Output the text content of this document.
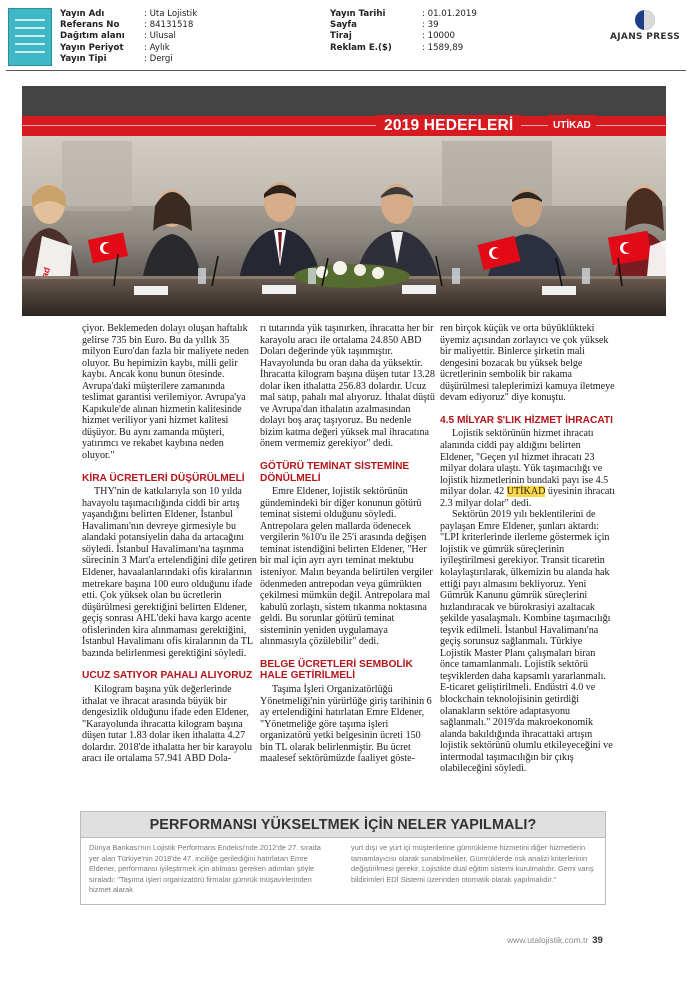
Yayın Adı	: Uta Lojistik
Referans No	: 84131518
Dağıtım alanı	: Ulusal
Yayın Periyot	: Aylık
Yayın Tipi	: Dergi
Yayın Tarihi	: 01.01.2019
Sayfa	: 39
Tiraj	: 10000
Reklam E.($)	: 1589,89
AJANS PRESS
2019 HEDEFLERİ	UTİKAD

çiyor. Beklemeden dolayı oluşan haftalık gelirse 735 bin Euro. Bu da yıllık 35 milyon Euro'dan fazla bir maliyete neden oluyor. Bu hepimizin kaybı, milli gelir kaybı. Ancak konu bunun ötesinde. Avrupa'daki müşterilere zamanında teslimat garantisi verilemiyor. Avrupa'ya Kapıkule'de alınan hizmetin kalitesinde hizmet veriliyor yani hizmet kalitesi düşüyor. Bu aynı zamanda müşteri, yatırımcı ve rekabet kaybına neden oluyor."

KİRA ÜCRETLERİ DÜŞÜRÜLMELİ

THY'nin de katkılarıyla son 10 yılda havayolu taşımacılığında ciddi bir artış yaşandığını belirten Eldener, İstanbul Havalimanı'nın devreye girmesiyle bu alandaki potansiyelin daha da artacağını söyledi. İstanbul Havalimanı'na taşınma sürecinin 3 Mart'a ertelendiğini dile getiren Eldener, havaalanlarındaki ofis kiralarının metrekare başına 100 euro olduğunu ifade etti. Çok yüksek olan bu ücretlerin düşürülmesi gerektiğini belirten Eldener, geçiş sonrası AHL'deki hava kargo acente ofislerinden kira alınmaması gerektiğini, İstanbul Havalimanı ofis kiralarının da TL bazında belirlenmesi gerektiğini söyledi.

UCUZ SATIYOR PAHALI ALIYORUZ

Kilogram başına yük değerlerinde ithalat ve ihracat arasında büyük bir dengesizlik olduğunu ifade eden Eldener, "Karayolunda ihracatta kilogram başına düşen tutar 1.83 dolar iken ithalatta 4.27 dolardır. 2018'de ithalatta her bir karayolu aracı ile ortalama 57.941 ABD Dola-

rı tutarında yük taşınırken, ihracatta her bir karayolu aracı ile ortalama 24.850 ABD Doları değerinde yük taşınmıştır. Havayolunda bu oran daha da yüksektir. İhracatta kilogram başına düşen tutar 13.28 dolar iken ithalatta 256.83 dolardır. Ucuz mal satıp, pahalı mal alıyoruz. İthalat düştü ve Avrupa'dan ithalatın azalmasından dolayı boş araç taşıyoruz. Bu nedenle bizim katma değeri yüksek mal ihracatına önem vermemiz gerekiyor" dedi.

GÖTÜRÜ TEMİNAT SİSTEMİNE DÖNÜLMELİ

Emre Eldener, lojistik sektörünün gündemindeki bir diğer konunun götürü teminat sistemi olduğunu söyledi. Antrepolara gelen mallarda ödenecek vergilerin %10'u ile 25'i arasında değişen teminat istendiğini belirten Eldener, "Her bir mal için ayrı ayrı teminat mektubu isteniyor. Malın beyanda belirtilen vergiler ödenmeden antrepodan veya gümrükten çekilmesi mümkün değil. Antrepolara mal kabulü zorlaştı, sistem tıkanma noktasına geldi. Bu sorunlar götürü teminat sisteminin yeniden uygulamaya alınmasıyla çözülebilir" dedi.

BELGE ÜCRETLERİ SEMBOLİK HALE GETİRİLMELİ

Taşıma İşleri Organizatörlüğü Yönetmeliği'nin yürürlüğe giriş tarihinin 6 ay ertelendiğini hatırlatan Emre Eldener, "Yönetmeliğe göre taşıma işleri organizatörü yetki belgesinin ücreti 150 bin TL olarak belirlenmiştir. Bu ücret maalesef sektörümüzde faaliyet göste-

ren birçok küçük ve orta büyüklükteki üyemiz açısından zorlayıcı ve çok yüksek bir maliyettir. Binlerce şirketin mali dengesini bozacak bu yüksek belge ücretlerinin sembolik bir rakama düşürülmesi taleplerimizi kamuya iletmeye devam ediyoruz" diye konuştu.

4.5 MİLYAR $'LIK HİZMET İHRACATI

Lojistik sektörünün hizmet ihracatı alanında ciddi pay aldığını belirten Eldener, "Geçen yıl hizmet ihracatı 23 milyar dolara ulaştı. Yük taşımacılığı ve lojistik hizmetlerinin bundaki payı ise 4.5 milyar dolar. 42 UTİKAD üyesinin ihracatı 2.3 milyar dolar" dedi.

Sektörün 2019 yılı beklentilerini de paylaşan Emre Eldener, şunları aktardı: "LPI kriterlerinde ilerleme göstermek için lojistik ve gümrük süreçlerinin iyileştirilmesi gerekiyor. Transit ticaretin kolaylaştırılarak, ülkemizin bu alanda hak ettiği payı almasını bekliyoruz. Yeni Gümrük Kanunu gümrük süreçlerini hızlandıracak ve bürokrasiyi azaltacak şekilde yasalaşmalı. Kombine taşımacılığı teşvik edilmeli. İstanbul Havalimanı'na geçiş sorunsuz sağlanmalı. Türkiye Lojistik Master Planı çalışmaları biran önce tamamlanmalı. Lojistik sektörü teşviklerden daha kapsamlı yararlanmalı. E-ticaret geliştirilmeli. Endüstri 4.0 ve blockchain teknolojisinin getirdiği olanakların sektöre adaptasyonu sağlanmalı." 2019'da makroekonomik alanda bakıldığında ihracattaki artışın lojistik sektörünü olumlu etkileyeceğini ve intermodal taşımacılığın bir çıkış olabileceğini söyledi.

PERFORMANSI YÜKSELTMEK İÇİN NELER YAPILMALI?
Dünya Bankası'nın Lojistik Performans Endeksi'nde 2012'de 27. sırada yer alan Türkiye'nin 2018'de 47. inciliğe gerilediğini hatırlatan Emre Eldener, performansı iyileştirmek için atılması gereken adımları şöyle sıraladı: "Taşıma işleri organizatörü firmalar gümrük müşavirlerinden hizmet alarak
yurt dışı ve yurt içi müşterilerine gümrükleme hizmetini diğer hizmetlerin tamamlayıcısı olarak sunabilmeliler. Gümrüklerde risk analizi kriterlerinin değiştirilmesi gerekir. Lojistikte dual eğitim sistemi kurulmalıdır. Gemi varış bildirimleri EDİ Sistemi üzerinden otomatik olarak yapılmalıdır."
www.utalojistik.com.tr 39
